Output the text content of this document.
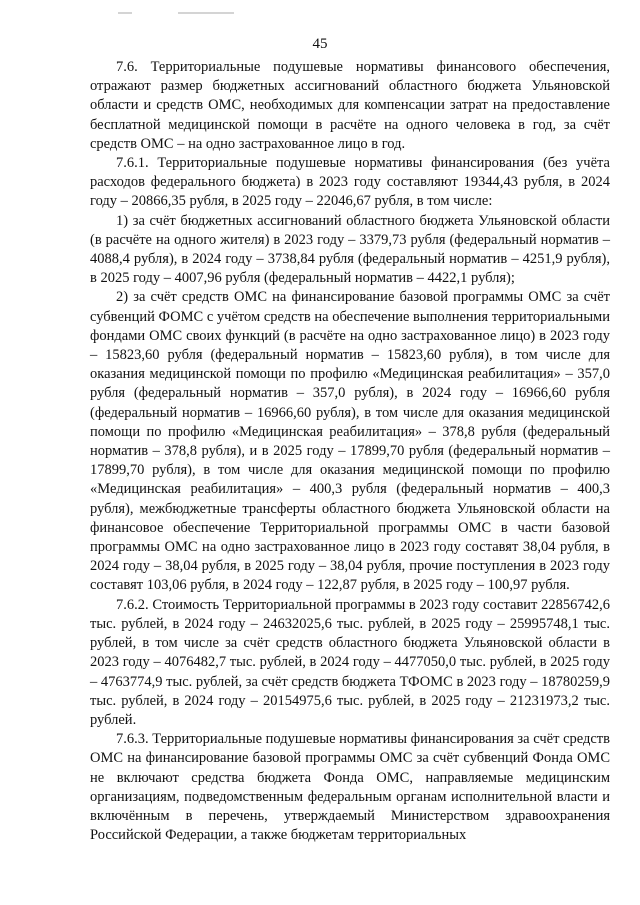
45

7.6. Территориальные подушевые нормативы финансового обеспечения, отражают размер бюджетных ассигнований областного бюджета Ульяновской области и средств ОМС, необходимых для компенсации затрат на предоставление бесплатной медицинской помощи в расчёте на одного человека в год, за счёт средств ОМС – на одно застрахованное лицо в год.

7.6.1. Территориальные подушевые нормативы финансирования (без учёта расходов федерального бюджета) в 2023 году составляют 19344,43 рубля, в 2024 году – 20866,35 рубля, в 2025 году – 22046,67 рубля, в том числе:

1) за счёт бюджетных ассигнований областного бюджета Ульяновской области (в расчёте на одного жителя) в 2023 году – 3379,73 рубля (федеральный норматив – 4088,4 рубля), в 2024 году – 3738,84 рубля (федеральный норматив – 4251,9 рубля), в 2025 году – 4007,96 рубля (федеральный норматив – 4422,1 рубля);

2) за счёт средств ОМС на финансирование базовой программы ОМС за счёт субвенций ФОМС с учётом средств на обеспечение выполнения территориальными фондами ОМС своих функций (в расчёте на одно застрахованное лицо) в 2023 году – 15823,60 рубля (федеральный норматив – 15823,60 рубля), в том числе для оказания медицинской помощи по профилю «Медицинская реабилитация» – 357,0 рубля (федеральный норматив – 357,0 рубля), в 2024 году – 16966,60 рубля (федеральный норматив – 16966,60 рубля), в том числе для оказания медицинской помощи по профилю «Медицинская реабилитация» – 378,8 рубля (федеральный норматив – 378,8 рубля), и в 2025 году – 17899,70 рубля (федеральный норматив – 17899,70 рубля), в том числе для оказания медицинской помощи по профилю «Медицинская реабилитация» – 400,3 рубля (федеральный норматив – 400,3 рубля), межбюджетные трансферты областного бюджета Ульяновской области на финансовое обеспечение Территориальной программы ОМС в части базовой программы ОМС на одно застрахованное лицо в 2023 году составят 38,04 рубля, в 2024 году – 38,04 рубля, в 2025 году – 38,04 рубля, прочие поступления в 2023 году составят 103,06 рубля, в 2024 году – 122,87 рубля, в 2025 году – 100,97 рубля.

7.6.2. Стоимость Территориальной программы в 2023 году составит 22856742,6 тыс. рублей, в 2024 году – 24632025,6 тыс. рублей, в 2025 году – 25995748,1 тыс. рублей, в том числе за счёт средств областного бюджета Ульяновской области в 2023 году – 4076482,7 тыс. рублей, в 2024 году – 4477050,0 тыс. рублей, в 2025 году – 4763774,9 тыс. рублей, за счёт средств бюджета ТФОМС в 2023 году – 18780259,9 тыс. рублей, в 2024 году – 20154975,6 тыс. рублей, в 2025 году – 21231973,2 тыс. рублей.

7.6.3. Территориальные подушевые нормативы финансирования за счёт средств ОМС на финансирование базовой программы ОМС за счёт субвенций Фонда ОМС не включают средства бюджета Фонда ОМС, направляемые медицинским организациям, подведомственным федеральным органам исполнительной власти и включённым в перечень, утверждаемый Министерством здравоохранения Российской Федерации, а также бюджетам территориальных
